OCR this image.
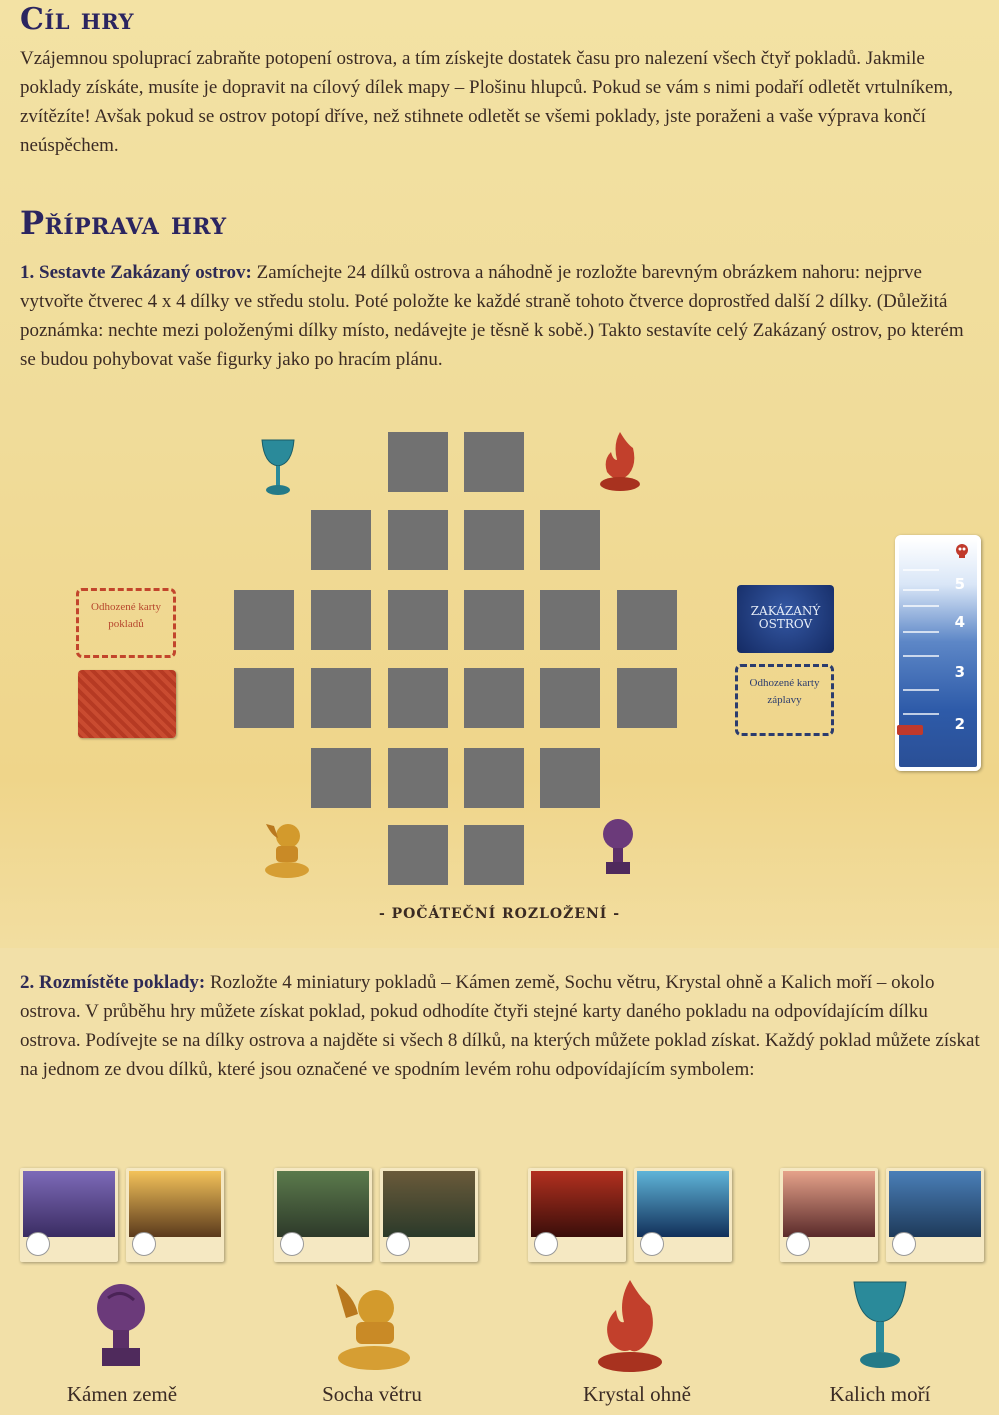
Cíl hry

Vzájemnou spoluprací zabraňte potopení ostrova, a tím získejte dostatek času pro nalezení všech čtyř pokladů. Jakmile poklady získáte, musíte je dopravit na cílový dílek mapy – Plošinu hlupců. Pokud se vám s nimi podaří odletět vrtulníkem, zvítězíte! Avšak pokud se ostrov potopí dříve, než stihnete odletět se všemi poklady, jste poraženi a vaše výprava končí neúspěchem.

Příprava hry

1. Sestavte Zakázaný ostrov: Zamíchejte 24 dílků ostrova a náhodně je rozložte barevným obrázkem nahoru: nejprve vytvořte čtverec 4 x 4 dílky ve středu stolu. Poté položte ke každé straně tohoto čtverce doprostřed další 2 dílky. (Důležitá poznámka: nechte mezi položenými dílky místo, nedávejte je těsně k sobě.) Takto sestavíte celý Zakázaný ostrov, po kterém se budou pohybovat vaše figurky jako po hracím plánu.

Odhozené karty pokladů
ZAKÁZANÝ OSTROV
Odhozené karty záplavy
5
4
3
2
- POČÁTEČNÍ ROZLOŽENÍ -

2. Rozmístěte poklady: Rozložte 4 miniatury pokladů – Kámen země, Sochu větru, Krystal ohně a Kalich moří – okolo ostrova. V průběhu hry můžete získat poklad, pokud odhodíte čtyři stejné karty daného pokladu na odpovídajícím dílku ostrova. Podívejte se na dílky ostrova a najděte si všech 8 dílků, na kterých můžete poklad získat. Každý poklad můžete získat na jednom ze dvou dílků, které jsou označené ve spodním levém rohu odpovídajícím symbolem:

Kámen země	Socha větru	Krystal ohně	Kalich moří
